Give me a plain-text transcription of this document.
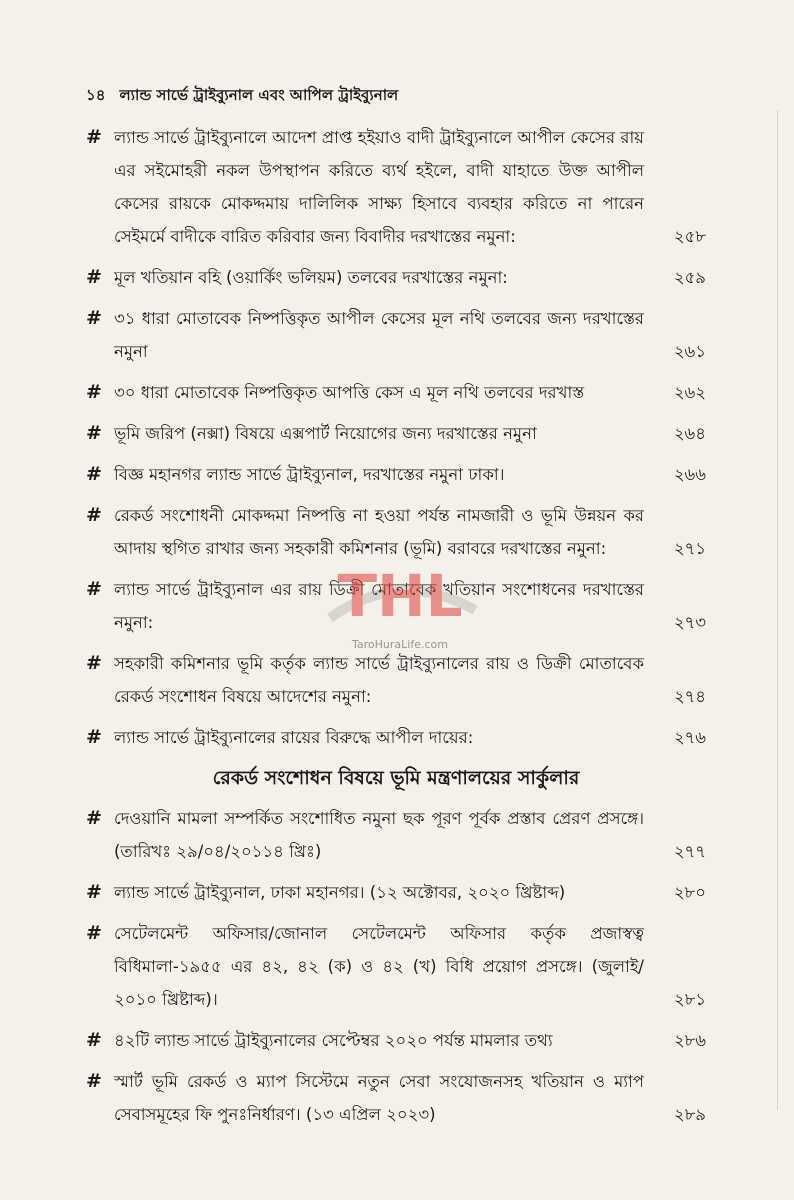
১৪ ল্যান্ড সার্ভে ট্রাইব্যুনাল এবং আপিল ট্রাইব্যুনাল
# ল্যান্ড সার্ভে ট্রাইব্যুনালে আদেশ প্রাপ্ত হইয়াও বাদী ট্রাইব্যুনালে আপীল কেসের রায় এর সইমোহরী নকল উপস্থাপন করিতে ব্যর্থ হইলে, বাদী যাহাতে উক্ত আপীল কেসের রায়কে মোকদ্দমায় দালিলিক সাক্ষ্য হিসাবে ব্যবহার করিতে না পারেন সেইমর্মে বাদীকে বারিত করিবার জন্য বিবাদীর দরখাস্তের নমুনা:	২৫৮
# মূল খতিয়ান বহি (ওয়ার্কিং ভলিয়ম) তলবের দরখাস্তের নমুনা:	২৫৯
# ৩১ ধারা মোতাবেক নিষ্পত্তিকৃত আপীল কেসের মূল নথি তলবের জন্য দরখাস্তের নমুনা	২৬১
# ৩০ ধারা মোতাবেক নিষ্পত্তিকৃত আপত্তি কেস এ মূল নথি তলবের দরখাস্ত	২৬২
# ভূমি জরিপ (নক্সা) বিষয়ে এক্সপার্ট নিয়োগের জন্য দরখাস্তের নমুনা	২৬৪
# বিজ্ঞ মহানগর ল্যান্ড সার্ভে ট্রাইব্যুনাল, দরখাস্তের নমুনা ঢাকা।	২৬৬
# রেকর্ড সংশোধনী মোকদ্দমা নিষ্পত্তি না হওয়া পর্যন্ত নামজারী ও ভূমি উন্নয়ন কর আদায় স্থগিত রাখার জন্য সহকারী কমিশনার (ভূমি) বরাবরে দরখাস্তের নমুনা:	২৭১
# ল্যান্ড সার্ভে ট্রাইব্যুনাল এর রায় ডিক্রী মোতাবেক খতিয়ান সংশোধনের দরখাস্তের নমুনা:	২৭৩
# সহকারী কমিশনার ভূমি কর্তৃক ল্যান্ড সার্ভে ট্রাইব্যুনালের রায় ও ডিক্রী মোতাবেক রেকর্ড সংশোধন বিষয়ে আদেশের নমুনা:	২৭৪
# ল্যান্ড সার্ভে ট্রাইব্যুনালের রায়ের বিরুদ্ধে আপীল দায়ের:	২৭৬
রেকর্ড সংশোধন বিষয়ে ভূমি মন্ত্রণালয়ের সার্কুলার
# দেওয়ানি মামলা সম্পর্কিত সংশোধিত নমুনা ছক পূরণ পূর্বক প্রস্তাব প্রেরণ প্রসঙ্গে। (তারিখঃ ২৯/০৪/২০১১৪ খ্রিঃ)	২৭৭
# ল্যান্ড সার্ভে ট্রাইব্যুনাল, ঢাকা মহানগর। (১২ অক্টোবর, ২০২০ খ্রিষ্টাব্দ)	২৮০
# সেটেলমেন্ট অফিসার/জোনাল সেটেলমেন্ট অফিসার কর্তৃক প্রজাস্বত্ব বিধিমালা-১৯৫৫ এর ৪২, ৪২ (ক) ও ৪২ (খ) বিধি প্রয়োগ প্রসঙ্গে। (জুলাই/২০১০ খ্রিষ্টাব্দ)।	২৮১
# ৪২টি ল্যান্ড সার্ভে ট্রাইব্যুনালের সেপ্টেম্বর ২০২০ পর্যন্ত মামলার তথ্য	২৮৬
# স্মার্ট ভূমি রেকর্ড ও ম্যাপ সিস্টেমে নতুন সেবা সংযোজনসহ খতিয়ান ও ম্যাপ সেবাসমূহের ফি পুনঃনির্ধারণ। (১৩ এপ্রিল ২০২৩)	২৮৯
THL
TaroHuraLife.com
